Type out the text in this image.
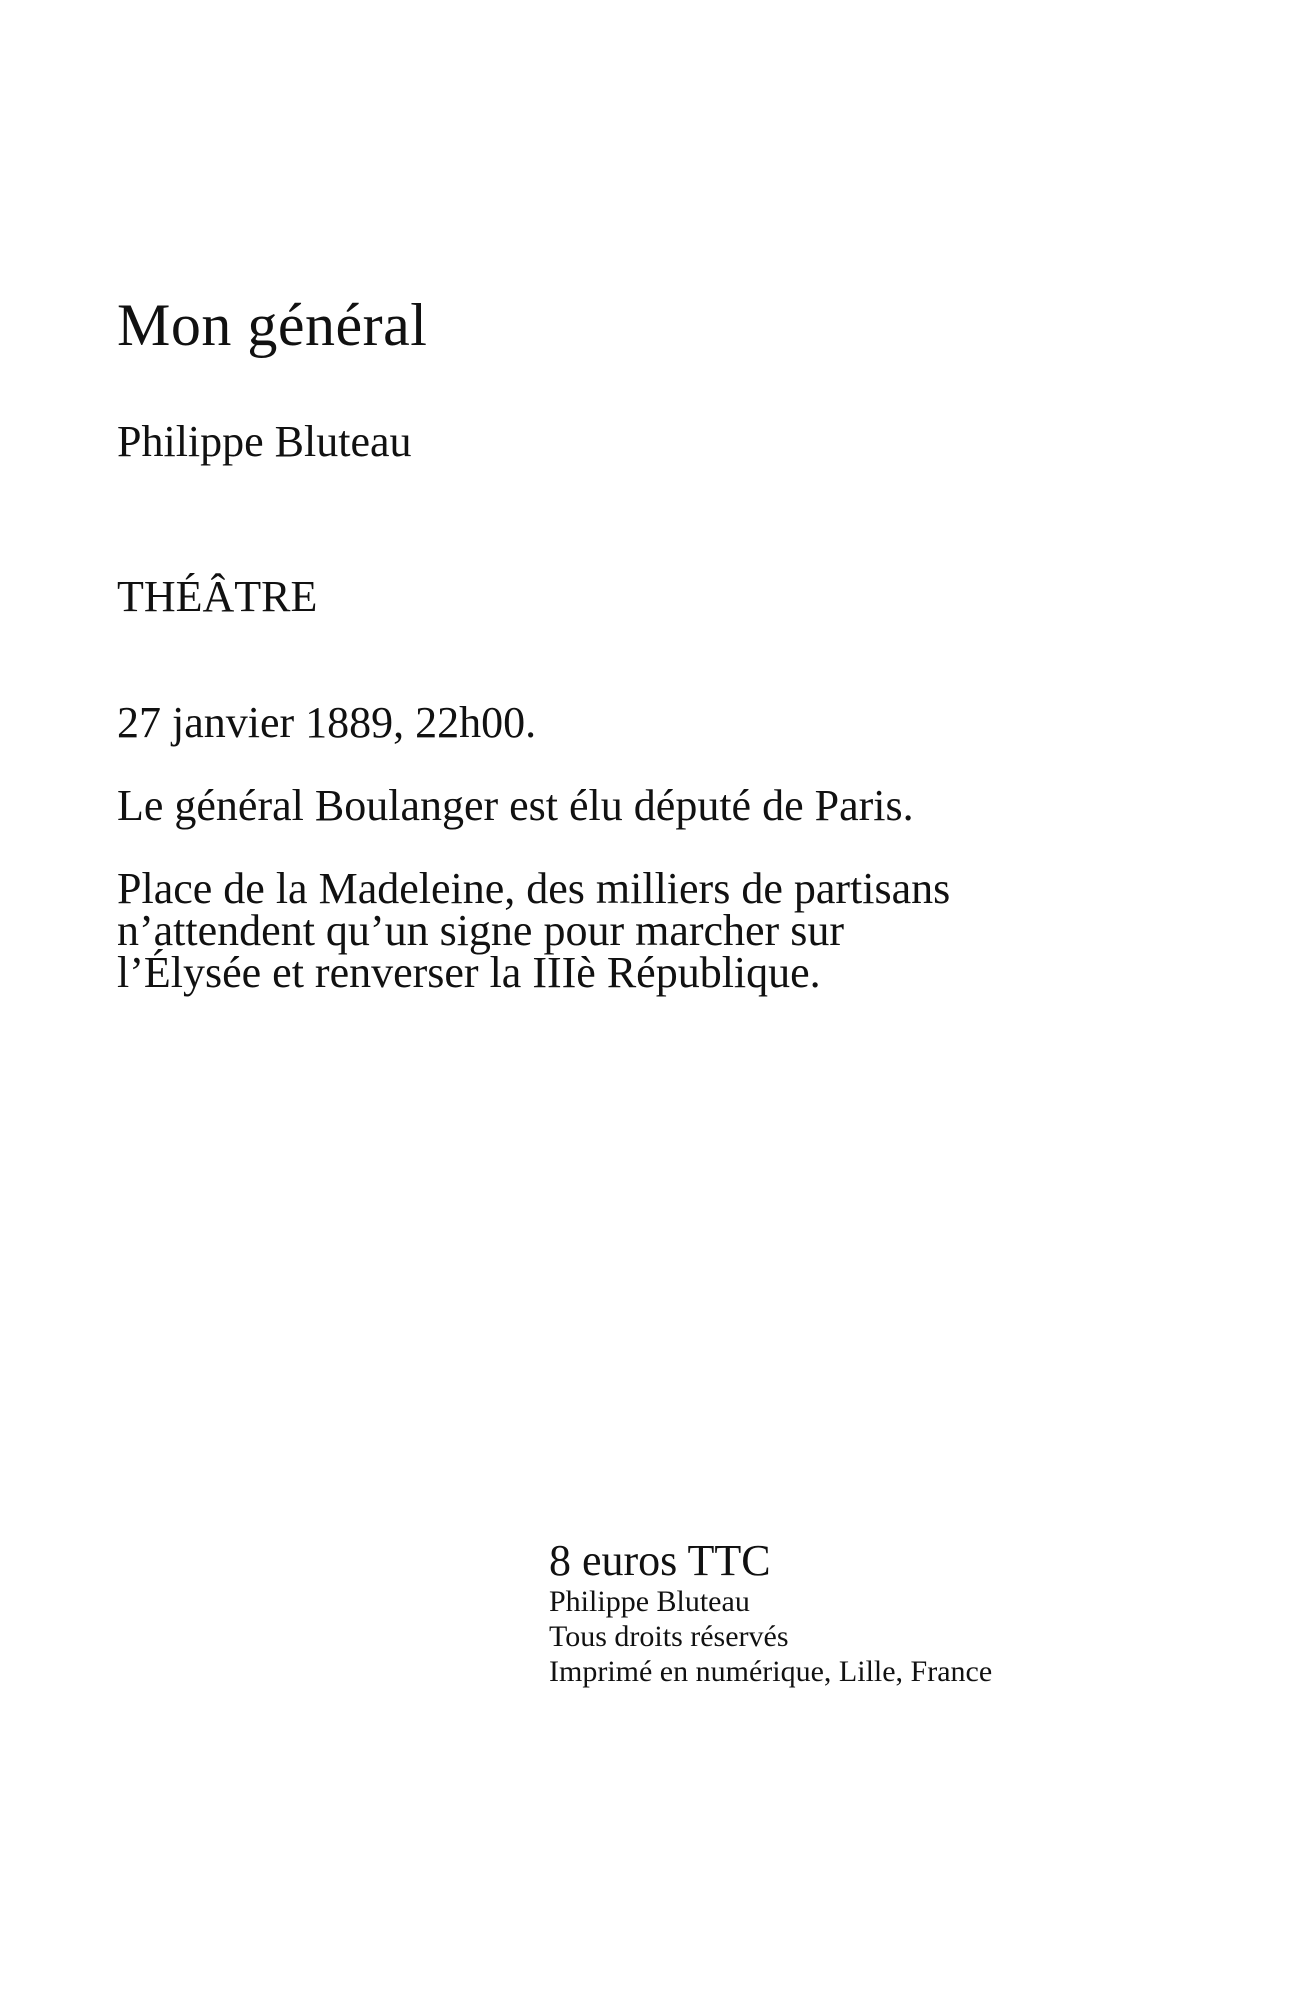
Mon général

Philippe Bluteau

THÉÂTRE

27 janvier 1889, 22h00.

Le général Boulanger est élu député de Paris.

Place de la Madeleine, des milliers de partisans n’attendent qu’un signe pour marcher sur l’Élysée et renverser la IIIè République.

8 euros TTC

Philippe Bluteau

Tous droits réservés

Imprimé en numérique, Lille, France
